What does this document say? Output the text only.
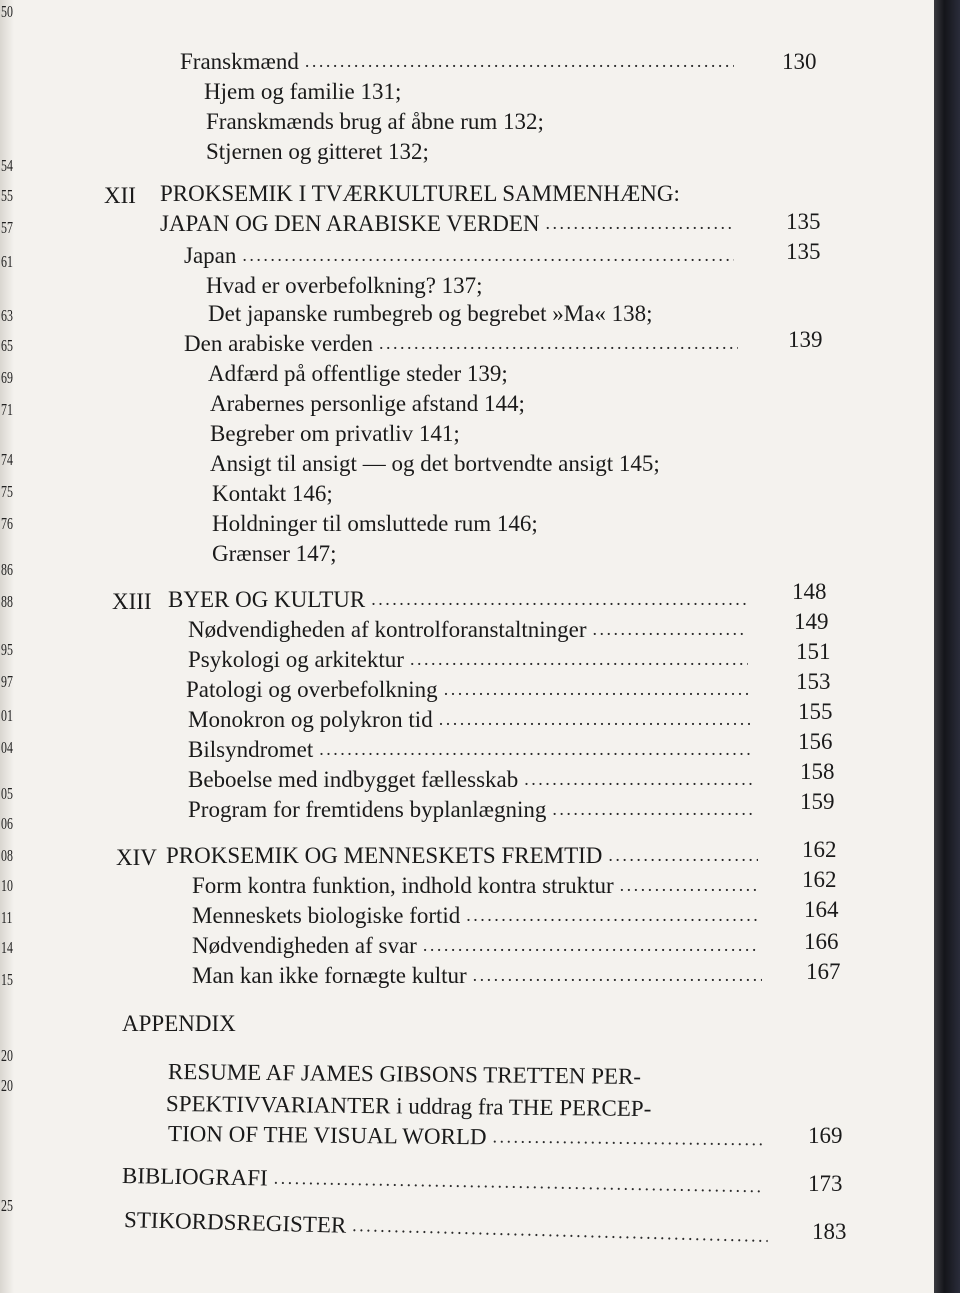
50
54
55
57
61
63
65
69
71
74
75
76
86
88
95
97
01
04
05
06
08
10
11
14
15
20
20
25
Franskmænd . . .	130
Hjem og familie 131;
Franskmænds brug af åbne rum 132;
Stjernen og gitteret 132;
XII PROKSEMIK I TVÆRKULTUREL SAMMENHÆNG:
JAPAN OG DEN ARABISKE VERDEN . . .	135
Japan . . .	135
Hvad er overbefolkning? 137;
Det japanske rumbegreb og begrebet »Ma« 138;
Den arabiske verden . . .	139
Adfærd på offentlige steder 139;
Arabernes personlige afstand 144;
Begreber om privatliv 141;
Ansigt til ansigt — og det bortvendte ansigt 145;
Kontakt 146;
Holdninger til omsluttede rum 146;
Grænser 147;
XIII BYER OG KULTUR . . .	148
Nødvendigheden af kontrolforanstaltninger . . .	149
Psykologi og arkitektur . . .	151
Patologi og overbefolkning . . .	153
Monokron og polykron tid . . .	155
Bilsyndromet . . .	156
Beboelse med indbygget fællesskab . . .	158
Program for fremtidens byplanlægning . . .	159
XIV PROKSEMIK OG MENNESKETS FREMTID . . .	162
Form kontra funktion, indhold kontra struktur . . .	162
Menneskets biologiske fortid . . .	164
Nødvendigheden af svar . . .	166
Man kan ikke fornægte kultur . . .	167
APPENDIX
RESUME AF JAMES GIBSONS TRETTEN PER-
SPEKTIVVARIANTER i uddrag fra THE PERCEP-
TION OF THE VISUAL WORLD . . .	169
BIBLIOGRAFI . . .	173
STIKORDSREGISTER . . .	183
